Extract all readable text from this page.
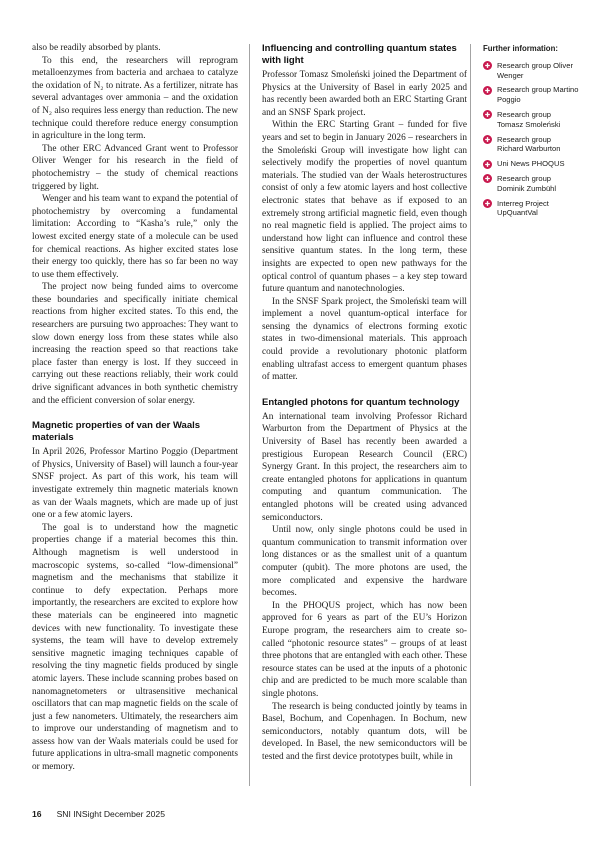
also be readily absorbed by plants.

To this end, the researchers will reprogram metalloenzymes from bacteria and archaea to catalyze the oxidation of N₂ to nitrate. As a fertilizer, nitrate has several advantages over ammonia – and the oxidation of N₂ also requires less energy than reduction. The new technique could therefore reduce energy consumption in agriculture in the long term.

The other ERC Advanced Grant went to Professor Oliver Wenger for his research in the field of photochemistry – the study of chemical reactions triggered by light.

Wenger and his team want to expand the potential of photochemistry by overcoming a fundamental limitation: According to “Kasha’s rule,” only the lowest excited energy state of a molecule can be used for chemical reactions. As higher excited states lose their energy too quickly, there has so far been no way to use them effectively.

The project now being funded aims to overcome these boundaries and specifically initiate chemical reactions from higher excited states. To this end, the researchers are pursuing two approaches: They want to slow down energy loss from these states while also increasing the reaction speed so that reactions take place faster than energy is lost. If they succeed in carrying out these reactions reliably, their work could drive significant advances in both synthetic chemistry and the efficient conversion of solar energy.

Magnetic properties of van der Waals materials

In April 2026, Professor Martino Poggio (Department of Physics, University of Basel) will launch a four-year SNSF project. As part of this work, his team will investigate extremely thin magnetic materials known as van der Waals magnets, which are made up of just one or a few atomic layers.

The goal is to understand how the magnetic properties change if a material becomes this thin. Although magnetism is well understood in macroscopic systems, so-called “low-dimensional” magnetism and the mechanisms that stabilize it continue to defy expectation. Perhaps more importantly, the researchers are excited to explore how these materials can be engineered into magnetic devices with new functionality. To investigate these systems, the team will have to develop extremely sensitive magnetic imaging techniques capable of resolving the tiny magnetic fields produced by single atomic layers. These include scanning probes based on nanomagnetometers or ultrasensitive mechanical oscillators that can map magnetic fields on the scale of just a few nanometers. Ultimately, the researchers aim to improve our understanding of magnetism and to assess how van der Waals materials could be used for future applications in ultra-small magnetic components or memory.

Influencing and controlling quantum states with light

Professor Tomasz Smoleński joined the Department of Physics at the University of Basel in early 2025 and has recently been awarded both an ERC Starting Grant and an SNSF Spark project.

Within the ERC Starting Grant – funded for five years and set to begin in January 2026 – researchers in the Smoleński Group will investigate how light can selectively modify the properties of novel quantum materials. The studied van der Waals heterostructures consist of only a few atomic layers and host collective electronic states that behave as if exposed to an extremely strong artificial magnetic field, even though no real magnetic field is applied. The project aims to understand how light can influence and control these sensitive quantum states. In the long term, these insights are expected to open new pathways for the optical control of quantum phases – a key step toward future quantum and nanotechnologies.

In the SNSF Spark project, the Smoleński team will implement a novel quantum-optical interface for sensing the dynamics of electrons forming exotic states in two-dimensional materials. This approach could provide a revolutionary photonic platform enabling ultrafast access to emergent quantum phases of matter.

Entangled photons for quantum technology

An international team involving Professor Richard Warburton from the Department of Physics at the University of Basel has recently been awarded a prestigious European Research Council (ERC) Synergy Grant. In this project, the researchers aim to create entangled photons for applications in quantum computing and quantum communication. The entangled photons will be created using advanced semiconductors.

Until now, only single photons could be used in quantum communication to transmit information over long distances or as the smallest unit of a quantum computer (qubit). The more photons are used, the more complicated and expensive the hardware becomes.

In the PHOQUS project, which has now been approved for 6 years as part of the EU’s Horizon Europe program, the researchers aim to create so-called “photonic resource states” – groups of at least three photons that are entangled with each other. These resource states can be used at the inputs of a photonic chip and are predicted to be much more scalable than single photons.

The research is being conducted jointly by teams in Basel, Bochum, and Copenhagen. In Bochum, new semiconductors, notably quantum dots, will be developed. In Basel, the new semiconductors will be tested and the first device prototypes built, while in

Further information:
Research group Oliver Wenger
Research group Martino Poggio
Research group Tomasz Smoleński
Research group Richard Warburton
Uni News PHOQUS
Research group Dominik Zumbühl
Interreg Project UpQuantVal
16 SNI INSight December 2025
